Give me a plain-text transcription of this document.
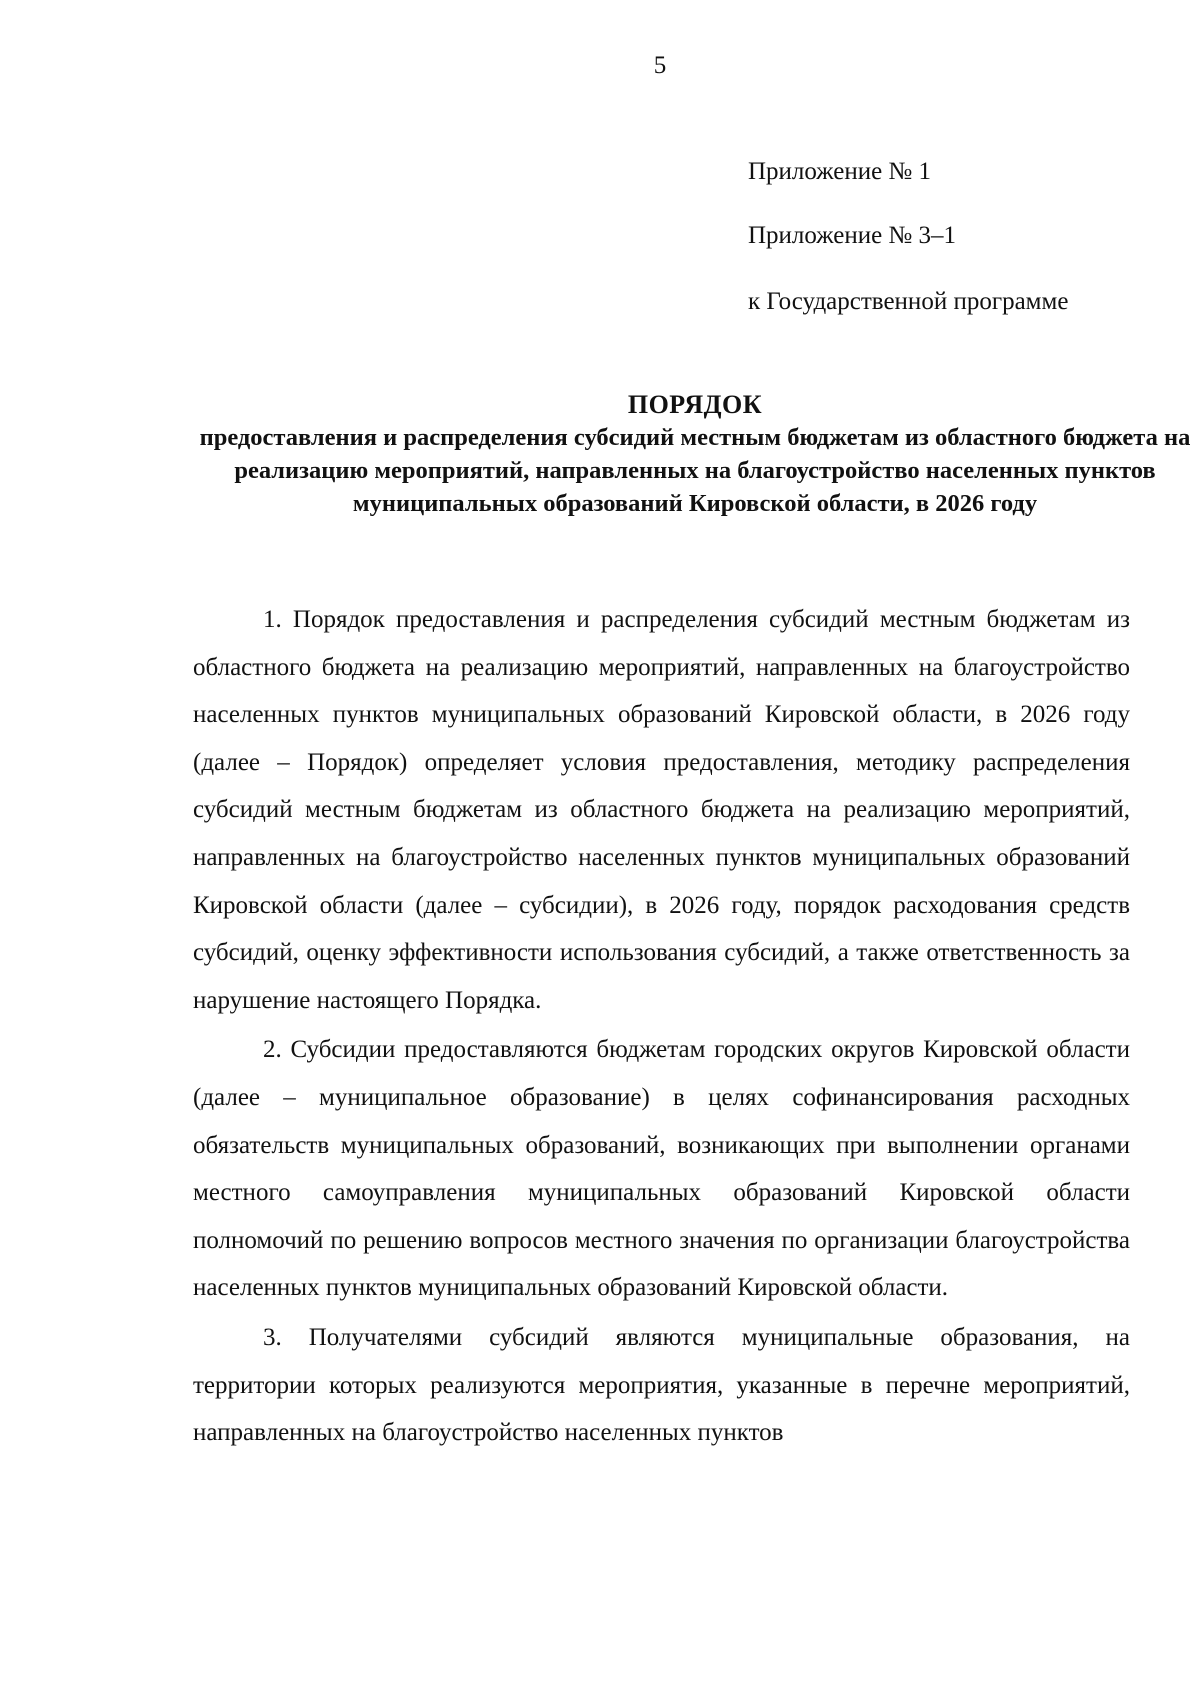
5
Приложение № 1
Приложение № 3–1
к Государственной программе
ПОРЯДОК
предоставления и распределения субсидий местным бюджетам из областного бюджета на реализацию мероприятий, направленных на благоустройство населенных пунктов муниципальных образований Кировской области, в 2026 году

1. Порядок предоставления и распределения субсидий местным бюджетам из областного бюджета на реализацию мероприятий, направленных на благоустройство населенных пунктов муниципальных образований Кировской области, в 2026 году (далее – Порядок) определяет условия предоставления, методику распределения субсидий местным бюджетам из областного бюджета на реализацию мероприятий, направленных на благоустройство населенных пунктов муниципальных образований Кировской области (далее – субсидии), в 2026 году, порядок расходования средств субсидий, оценку эффективности использования субсидий, а также ответственность за нарушение настоящего Порядка.

2. Субсидии предоставляются бюджетам городских округов Кировской области (далее – муниципальное образование) в целях софинансирования расходных обязательств муниципальных образований, возникающих при выполнении органами местного самоуправления муниципальных образований Кировской области полномочий по решению вопросов местного значения по организации благоустройства населенных пунктов муниципальных образований Кировской области.

3. Получателями субсидий являются муниципальные образования, на территории которых реализуются мероприятия, указанные в перечне мероприятий, направленных на благоустройство населенных пунктов
